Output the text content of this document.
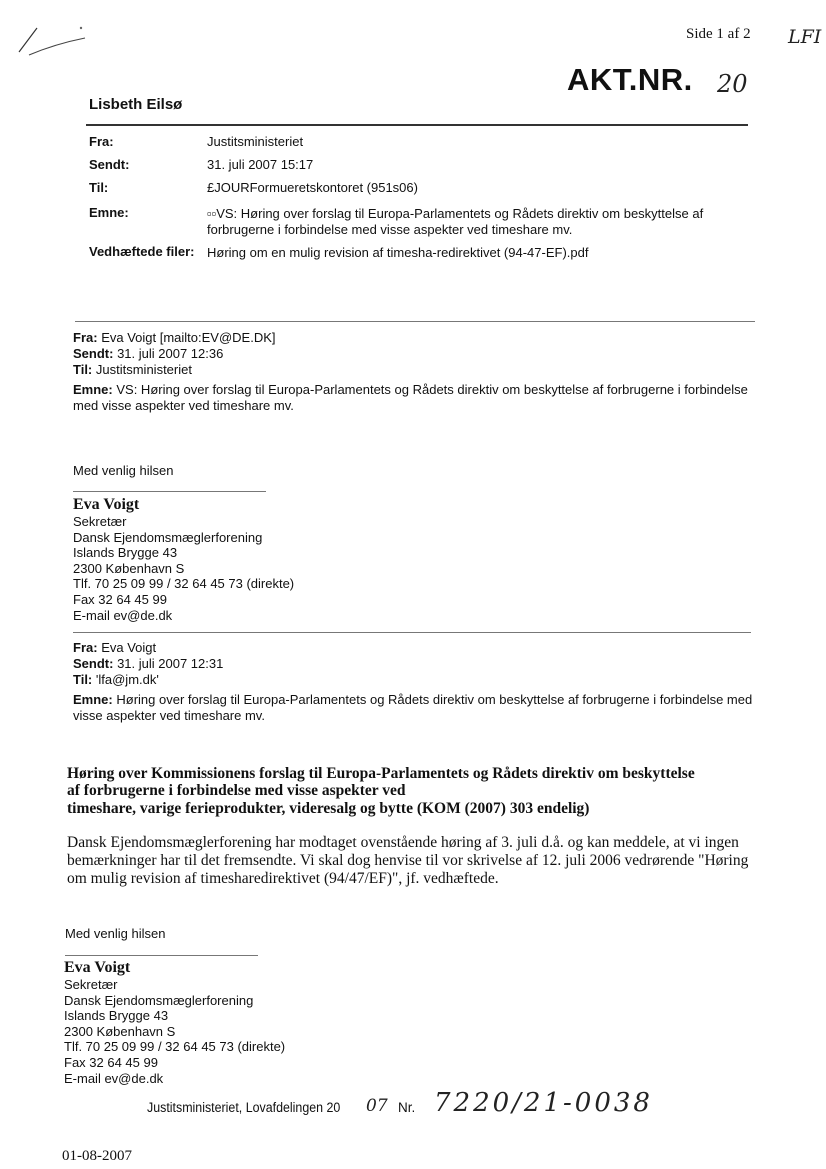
Side 1 af 2 LFI
AKT.NR. 20
Lisbeth Eilsø
Fra:	Justitsministeriet
Sendt:	31. juli 2007 15:17
Til:	£JOURFormueretskontoret (951s06)
Emne:	▫▫VS: Høring over forslag til Europa-Parlamentets og Rådets direktiv om beskyttelse af forbrugerne i forbindelse med visse aspekter ved timeshare mv.
Vedhæftede filer: Høring om en mulig revision af timesha-redirektivet (94-47-EF).pdf
Fra: Eva Voigt [mailto:EV@DE.DK]
Sendt: 31. juli 2007 12:36
Til: Justitsministeriet
Emne: VS: Høring over forslag til Europa-Parlamentets og Rådets direktiv om beskyttelse af forbrugerne i forbindelse med visse aspekter ved timeshare mv.
Med venlig hilsen
Eva Voigt
Sekretær
Dansk Ejendomsmæglerforening
Islands Brygge 43
2300 København S
Tlf. 70 25 09 99 / 32 64 45 73 (direkte)
Fax 32 64 45 99
E-mail ev@de.dk
Fra: Eva Voigt
Sendt: 31. juli 2007 12:31
Til: 'lfa@jm.dk'
Emne: Høring over forslag til Europa-Parlamentets og Rådets direktiv om beskyttelse af forbrugerne i forbindelse med visse aspekter ved timeshare mv.
Høring over Kommissionens forslag til Europa-Parlamentets og Rådets direktiv om beskyttelse
af forbrugerne i forbindelse med visse aspekter ved
timeshare, varige ferieprodukter, videresalg og bytte (KOM (2007) 303 endelig)
Dansk Ejendomsmæglerforening har modtaget ovenstående høring af 3. juli d.å. og kan meddele, at vi ingen bemærkninger har til det fremsendte. Vi skal dog henvise til vor skrivelse af 12. juli 2006 vedrørende "Høring om mulig revision af timesharedirektivet (94/47/EF)", jf. vedhæftede.
Med venlig hilsen
Eva Voigt
Sekretær
Dansk Ejendomsmæglerforening
Islands Brygge 43
2300 København S
Tlf. 70 25 09 99 / 32 64 45 73 (direkte)
Fax 32 64 45 99
E-mail ev@de.dk
Justitsministeriet, Lovafdelingen 20 07 Nr. 7220/21-0038
01-08-2007
